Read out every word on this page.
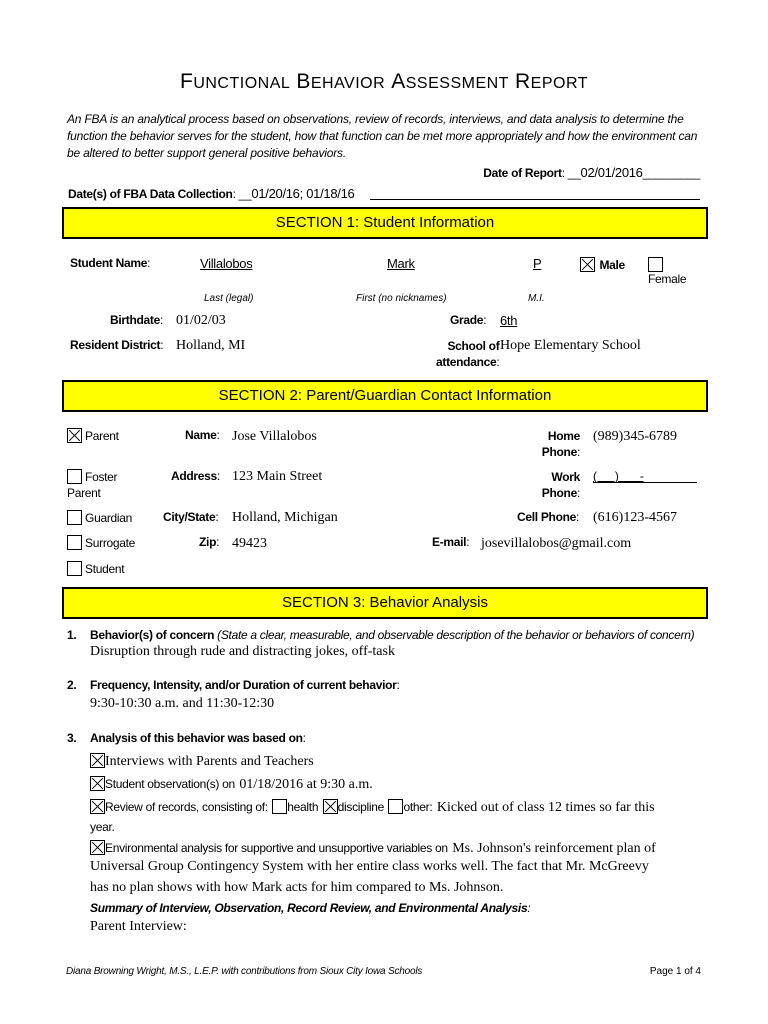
FUNCTIONAL BEHAVIOR ASSESSMENT REPORT
An FBA is an analytical process based on observations, review of records, interviews, and data analysis to determine the function the behavior serves for the student, how that function can be met more appropriately and how the environment can be altered to better support general positive behaviors.
Date of Report: __02/01/2016_________
Date(s) of FBA Data Collection: __01/20/16; 01/18/16
SECTION 1: Student Information
Student Name:	Villalobos	Mark	P	Male
Female
Last (legal)	First (no nicknames)	M.I.
Birthdate: 01/02/03	Grade: 6th
Resident District: Holland, MI	School of
attendance:
Hope Elementary School
SECTION 2: Parent/Guardian Contact Information
Parent
Foster
Parent
Guardian
Surrogate
Student
Name: Jose Villalobos
Address: 123 Main Street
City/State: Holland, Michigan
Zip: 49423
Home
Phone:
(989)345-6789
Work
Phone:
(      )       -
Cell Phone: (616)123-4567
E-mail: josevillalobos@gmail.com
SECTION 3: Behavior Analysis
1. Behavior(s) of concern (State a clear, measurable, and observable description of the behavior or behaviors of concern)
Disruption through rude and distracting jokes, off-task
2. Frequency, Intensity, and/or Duration of current behavior:
9:30-10:30 a.m. and 11:30-12:30
3. Analysis of this behavior was based on:
Interviews with Parents and Teachers
Student observation(s) on 01/18/2016 at 9:30 a.m.
Review of records, consisting of: health discipline other: Kicked out of class 12 times so far this
year.
Environmental analysis for supportive and unsupportive variables on Ms. Johnson's reinforcement plan of
Universal Group Contingency System with her entire class works well. The fact that Mr. McGreevy
has no plan shows with how Mark acts for him compared to Ms. Johnson.
Summary of Interview, Observation, Record Review, and Environmental Analysis:
Parent Interview:
Diana Browning Wright, M.S., L.E.P. with contributions from Sioux City Iowa Schools	Page 1 of 4
